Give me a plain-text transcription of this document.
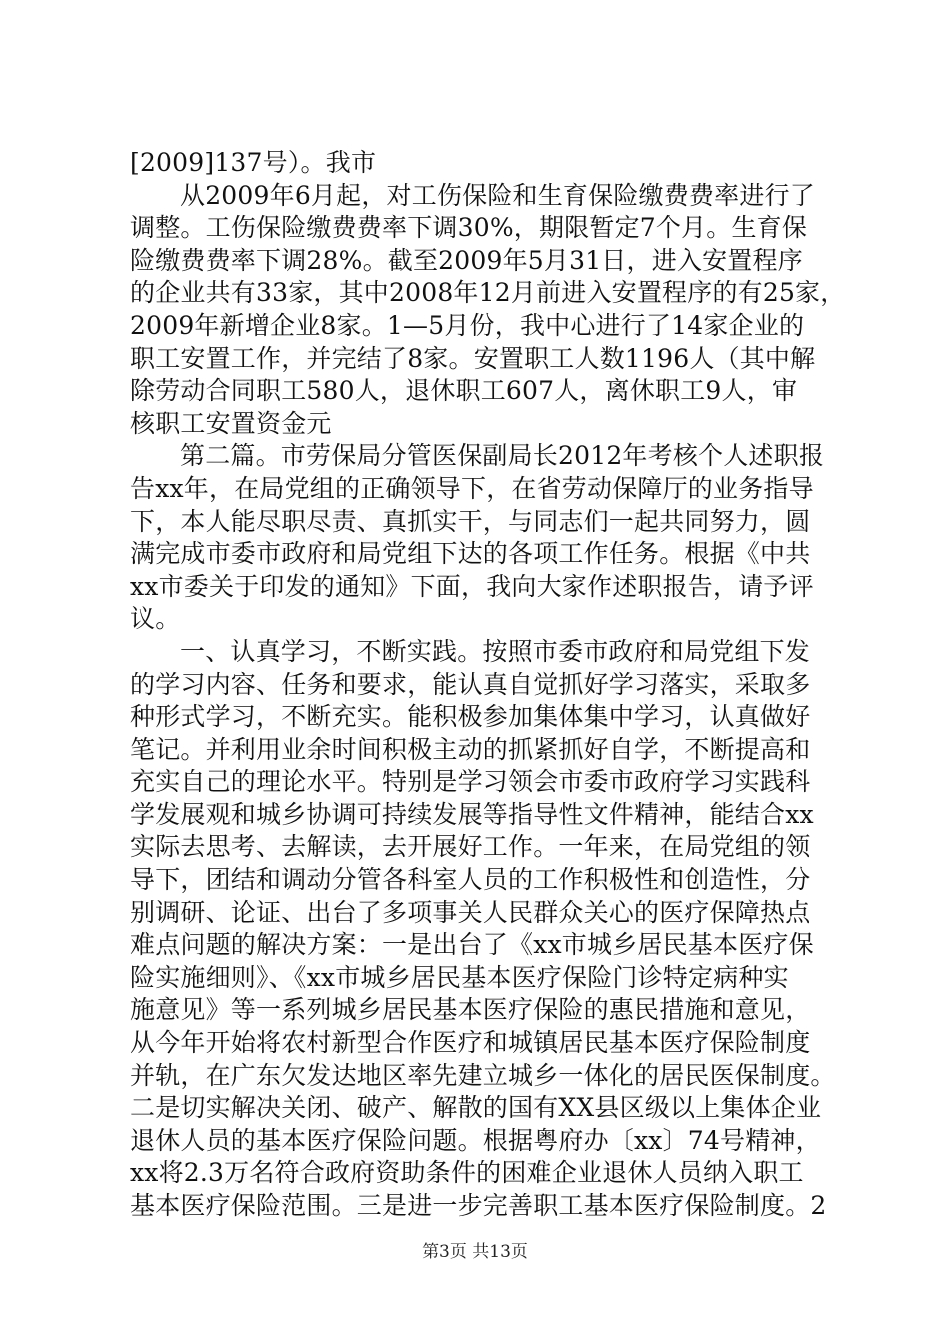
[2009]137号）。我市
从2009年6月起，对工伤保险和生育保险缴费费率进行了
调整。工伤保险缴费费率下调30%，期限暂定7个月。生育保
险缴费费率下调28%。截至2009年5月31日，进入安置程序
的企业共有33家，其中2008年12月前进入安置程序的有25家，
2009年新增企业8家。1—5月份，我中心进行了14家企业的
职工安置工作，并完结了8家。安置职工人数1196人（其中解
除劳动合同职工580人，退休职工607人，离休职工9人，审
核职工安置资金元
第二篇。市劳保局分管医保副局长2012年考核个人述职报
告xx年，在局党组的正确领导下，在省劳动保障厅的业务指导
下，本人能尽职尽责、真抓实干，与同志们一起共同努力，圆
满完成市委市政府和局党组下达的各项工作任务。根据《中共
xx市委关于印发的通知》下面，我向大家作述职报告，请予评
议。
一、认真学习，不断实践。按照市委市政府和局党组下发
的学习内容、任务和要求，能认真自觉抓好学习落实，采取多
种形式学习，不断充实。能积极参加集体集中学习，认真做好
笔记。并利用业余时间积极主动的抓紧抓好自学，不断提高和
充实自己的理论水平。特别是学习领会市委市政府学习实践科
学发展观和城乡协调可持续发展等指导性文件精神，能结合xx
实际去思考、去解读，去开展好工作。一年来，在局党组的领
导下，团结和调动分管各科室人员的工作积极性和创造性，分
别调研、论证、出台了多项事关人民群众关心的医疗保障热点
难点问题的解决方案：一是出台了《xx市城乡居民基本医疗保
险实施细则》、《xx市城乡居民基本医疗保险门诊特定病种实
施意见》等一系列城乡居民基本医疗保险的惠民措施和意见，
从今年开始将农村新型合作医疗和城镇居民基本医疗保险制度
并轨，在广东欠发达地区率先建立城乡一体化的居民医保制度。
二是切实解决关闭、破产、解散的国有XX县区级以上集体企业
退休人员的基本医疗保险问题。根据粤府办〔xx〕74号精神，
xx将2.3万名符合政府资助条件的困难企业退休人员纳入职工
基本医疗保险范围。三是进一步完善职工基本医疗保险制度。2
第3页 共13页
